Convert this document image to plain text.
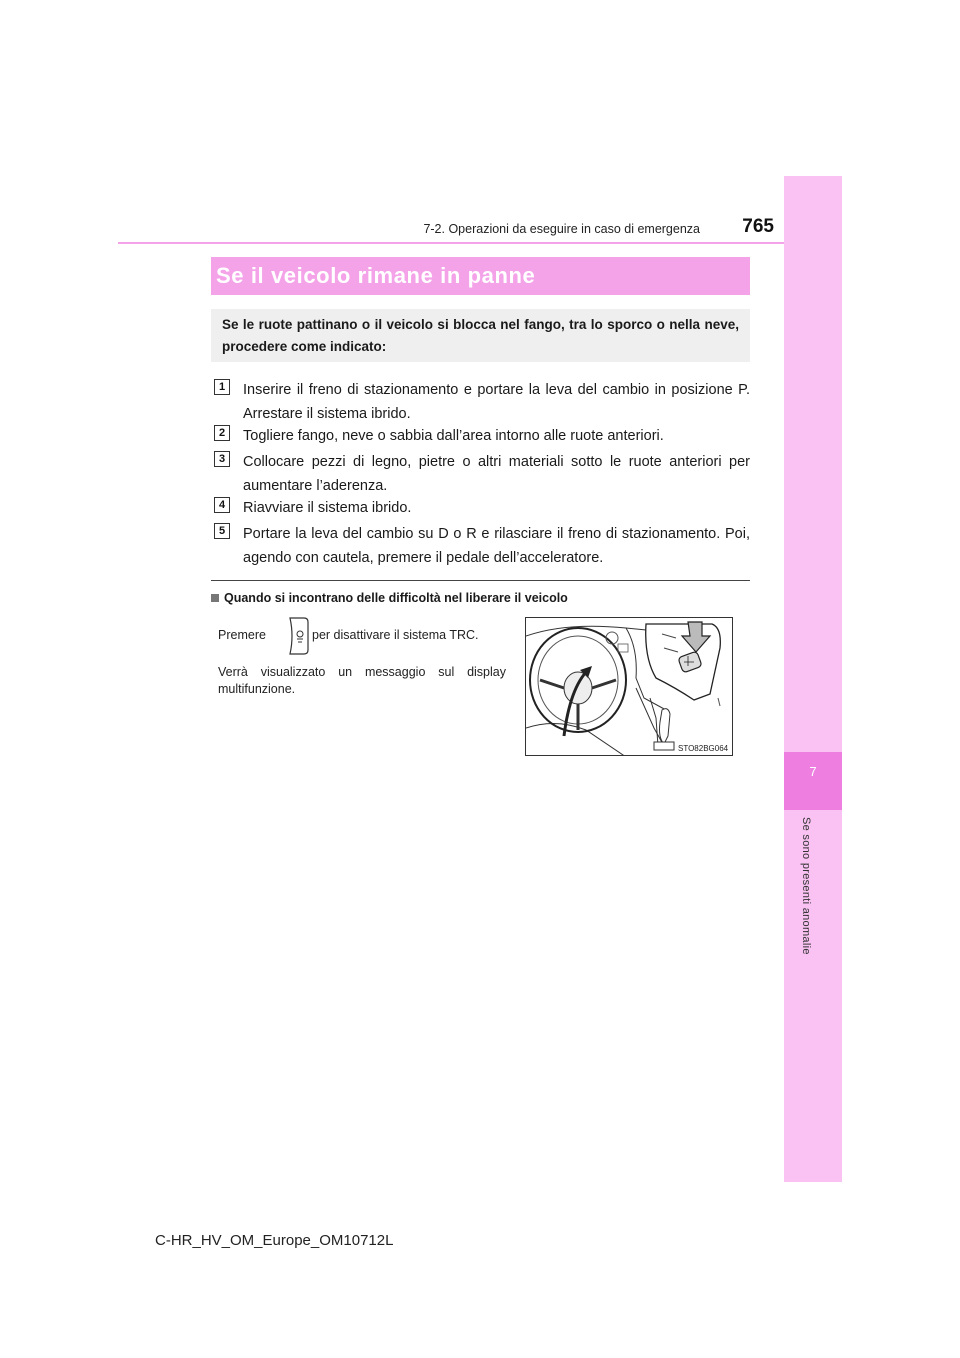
7
Se sono presenti anomalie
7-2. Operazioni da eseguire in caso di emergenza	765
Se il veicolo rimane in panne
Se le ruote pattinano o il veicolo si blocca nel fango, tra lo sporco o nella neve, procedere come indicato:
1	Inserire il freno di stazionamento e portare la leva del cambio in posizione P. Arrestare il sistema ibrido.
2	Togliere fango, neve o sabbia dall’area intorno alle ruote anteriori.
3	Collocare pezzi di legno, pietre o altri materiali sotto le ruote anteriori per aumentare l’aderenza.
4	Riavviare il sistema ibrido.
5	Portare la leva del cambio su D o R e rilasciare il freno di stazionamento. Poi, agendo con cautela, premere il pedale dell’acceleratore.
Quando si incontrano delle difficoltà nel liberare il veicolo
Premere	per disattivare il sistema TRC.
Verrà visualizzato un messaggio sul display multifunzione.
STO82BG064
C-HR_HV_OM_Europe_OM10712L
